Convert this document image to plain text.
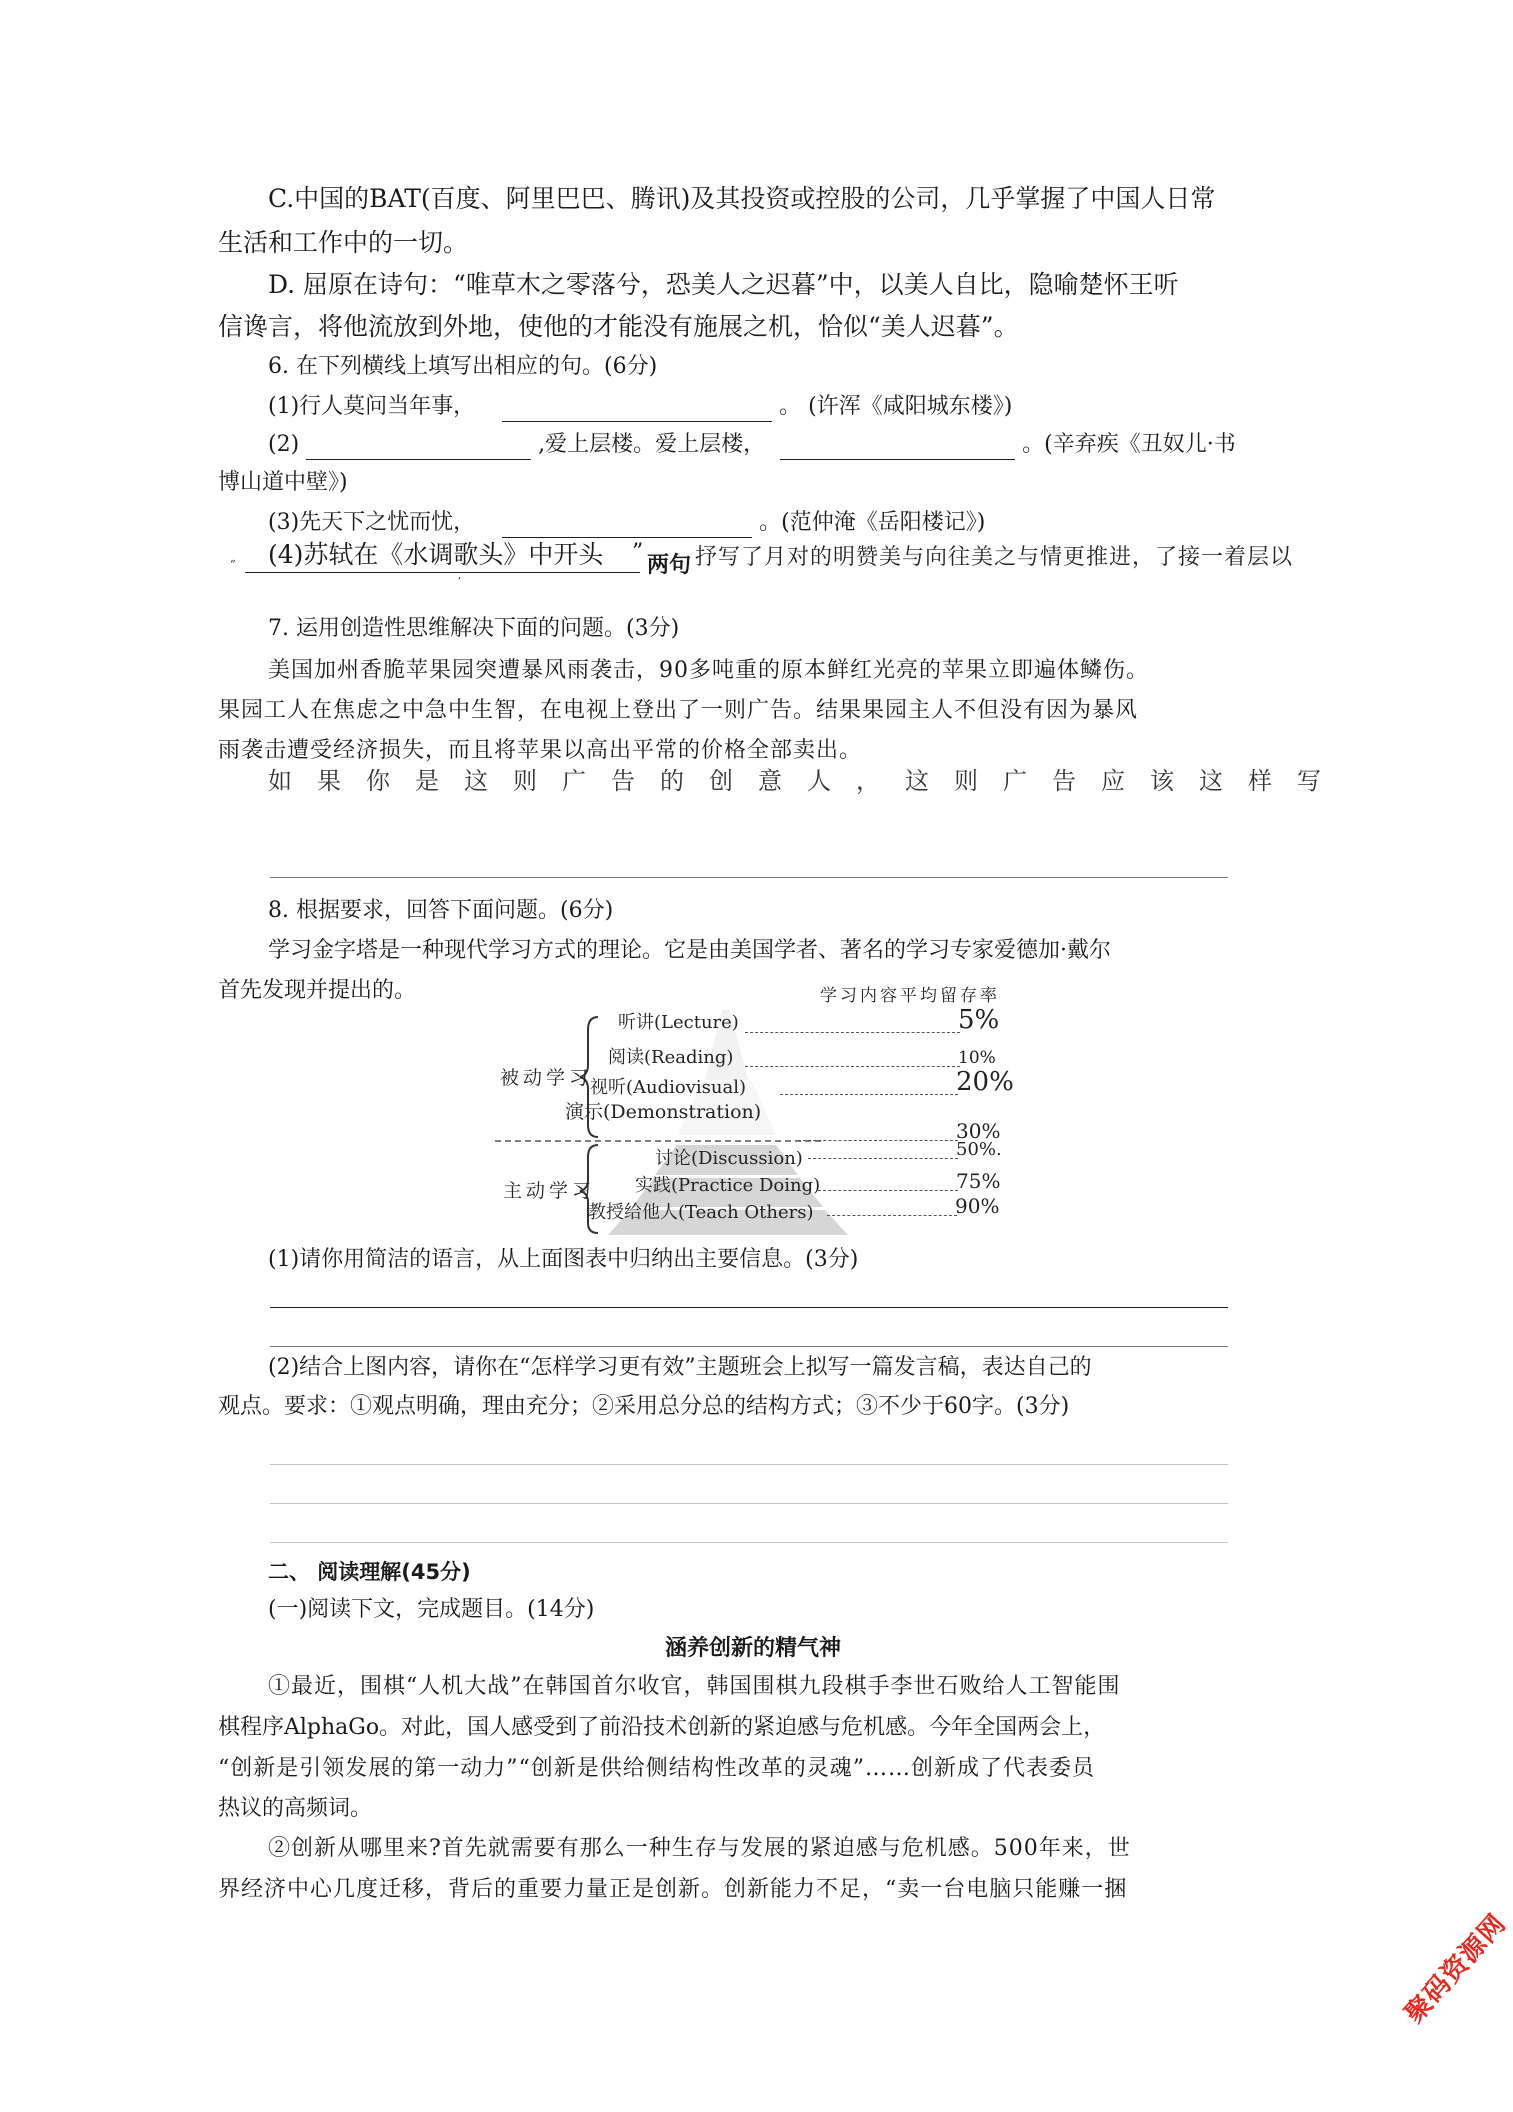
C.中国的BAT(百度、阿里巴巴、腾讯)及其投资或控股的公司，几乎掌握了中国人日常
生活和工作中的一切。
D. 屈原在诗句：“唯草木之零落兮，恐美人之迟暮”中，以美人自比，隐喻楚怀王听
信谗言，将他流放到外地，使他的才能没有施展之机，恰似“美人迟暮”。
6. 在下列横线上填写出相应的句。(6分)
(1)行人莫问当年事，	。 (许浑《咸阳城东楼》)
(2)	,爱上层楼。爱上层楼，	。(辛弃疾《丑奴儿·书
博山道中壁》)
(3)先天下之忧而忧，	。(范仲淹《岳阳楼记》)
“ (4)苏轼在《水调歌头》中开头 ”
两句 抒写了月对的明赞美与向往美之与情更推进，了接一着层以
,
7. 运用创造性思维解决下面的问题。(3分)
美国加州香脆苹果园突遭暴风雨袭击，90多吨重的原本鲜红光亮的苹果立即遍体鳞伤。
果园工人在焦虑之中急中生智，在电视上登出了一则广告。结果果园主人不但没有因为暴风
雨袭击遭受经济损失，而且将苹果以高出平常的价格全部卖出。
如果你是这则广告的创意人，这则广告应该这样写
8. 根据要求，回答下面问题。(6分)
学习金字塔是一种现代学习方式的理论。它是由美国学者、著名的学习专家爱德加·戴尔
首先发现并提出的。	学习内容平均留存率
被动学习
主动学习
听讲(Lecture)	5%
阅读(Reading)	10%
视听(Audiovisual)	20%
演示(Demonstration)
30%
讨论(Discussion)	50%.
实践(Practice Doing)	75%
教授给他人(Teach Others)	90%
(1)请你用简洁的语言，从上面图表中归纳出主要信息。(3分)
(2)结合上图内容，请你在“怎样学习更有效”主题班会上拟写一篇发言稿，表达自己的
观点。要求：①观点明确，理由充分；②采用总分总的结构方式；③不少于60字。(3分)
二、 阅读理解(45分)
(一)阅读下文，完成题目。(14分)
涵养创新的精气神
①最近，围棋“人机大战”在韩国首尔收官，韩国围棋九段棋手李世石败给人工智能围
棋程序AlphaGo。对此，国人感受到了前沿技术创新的紧迫感与危机感。今年全国两会上，
“创新是引领发展的第一动力”“创新是供给侧结构性改革的灵魂”……创新成了代表委员
热议的高频词。
②创新从哪里来?首先就需要有那么一种生存与发展的紧迫感与危机感。500年来，世
界经济中心几度迁移，背后的重要力量正是创新。创新能力不足，“卖一台电脑只能赚一捆
聚码资源网
